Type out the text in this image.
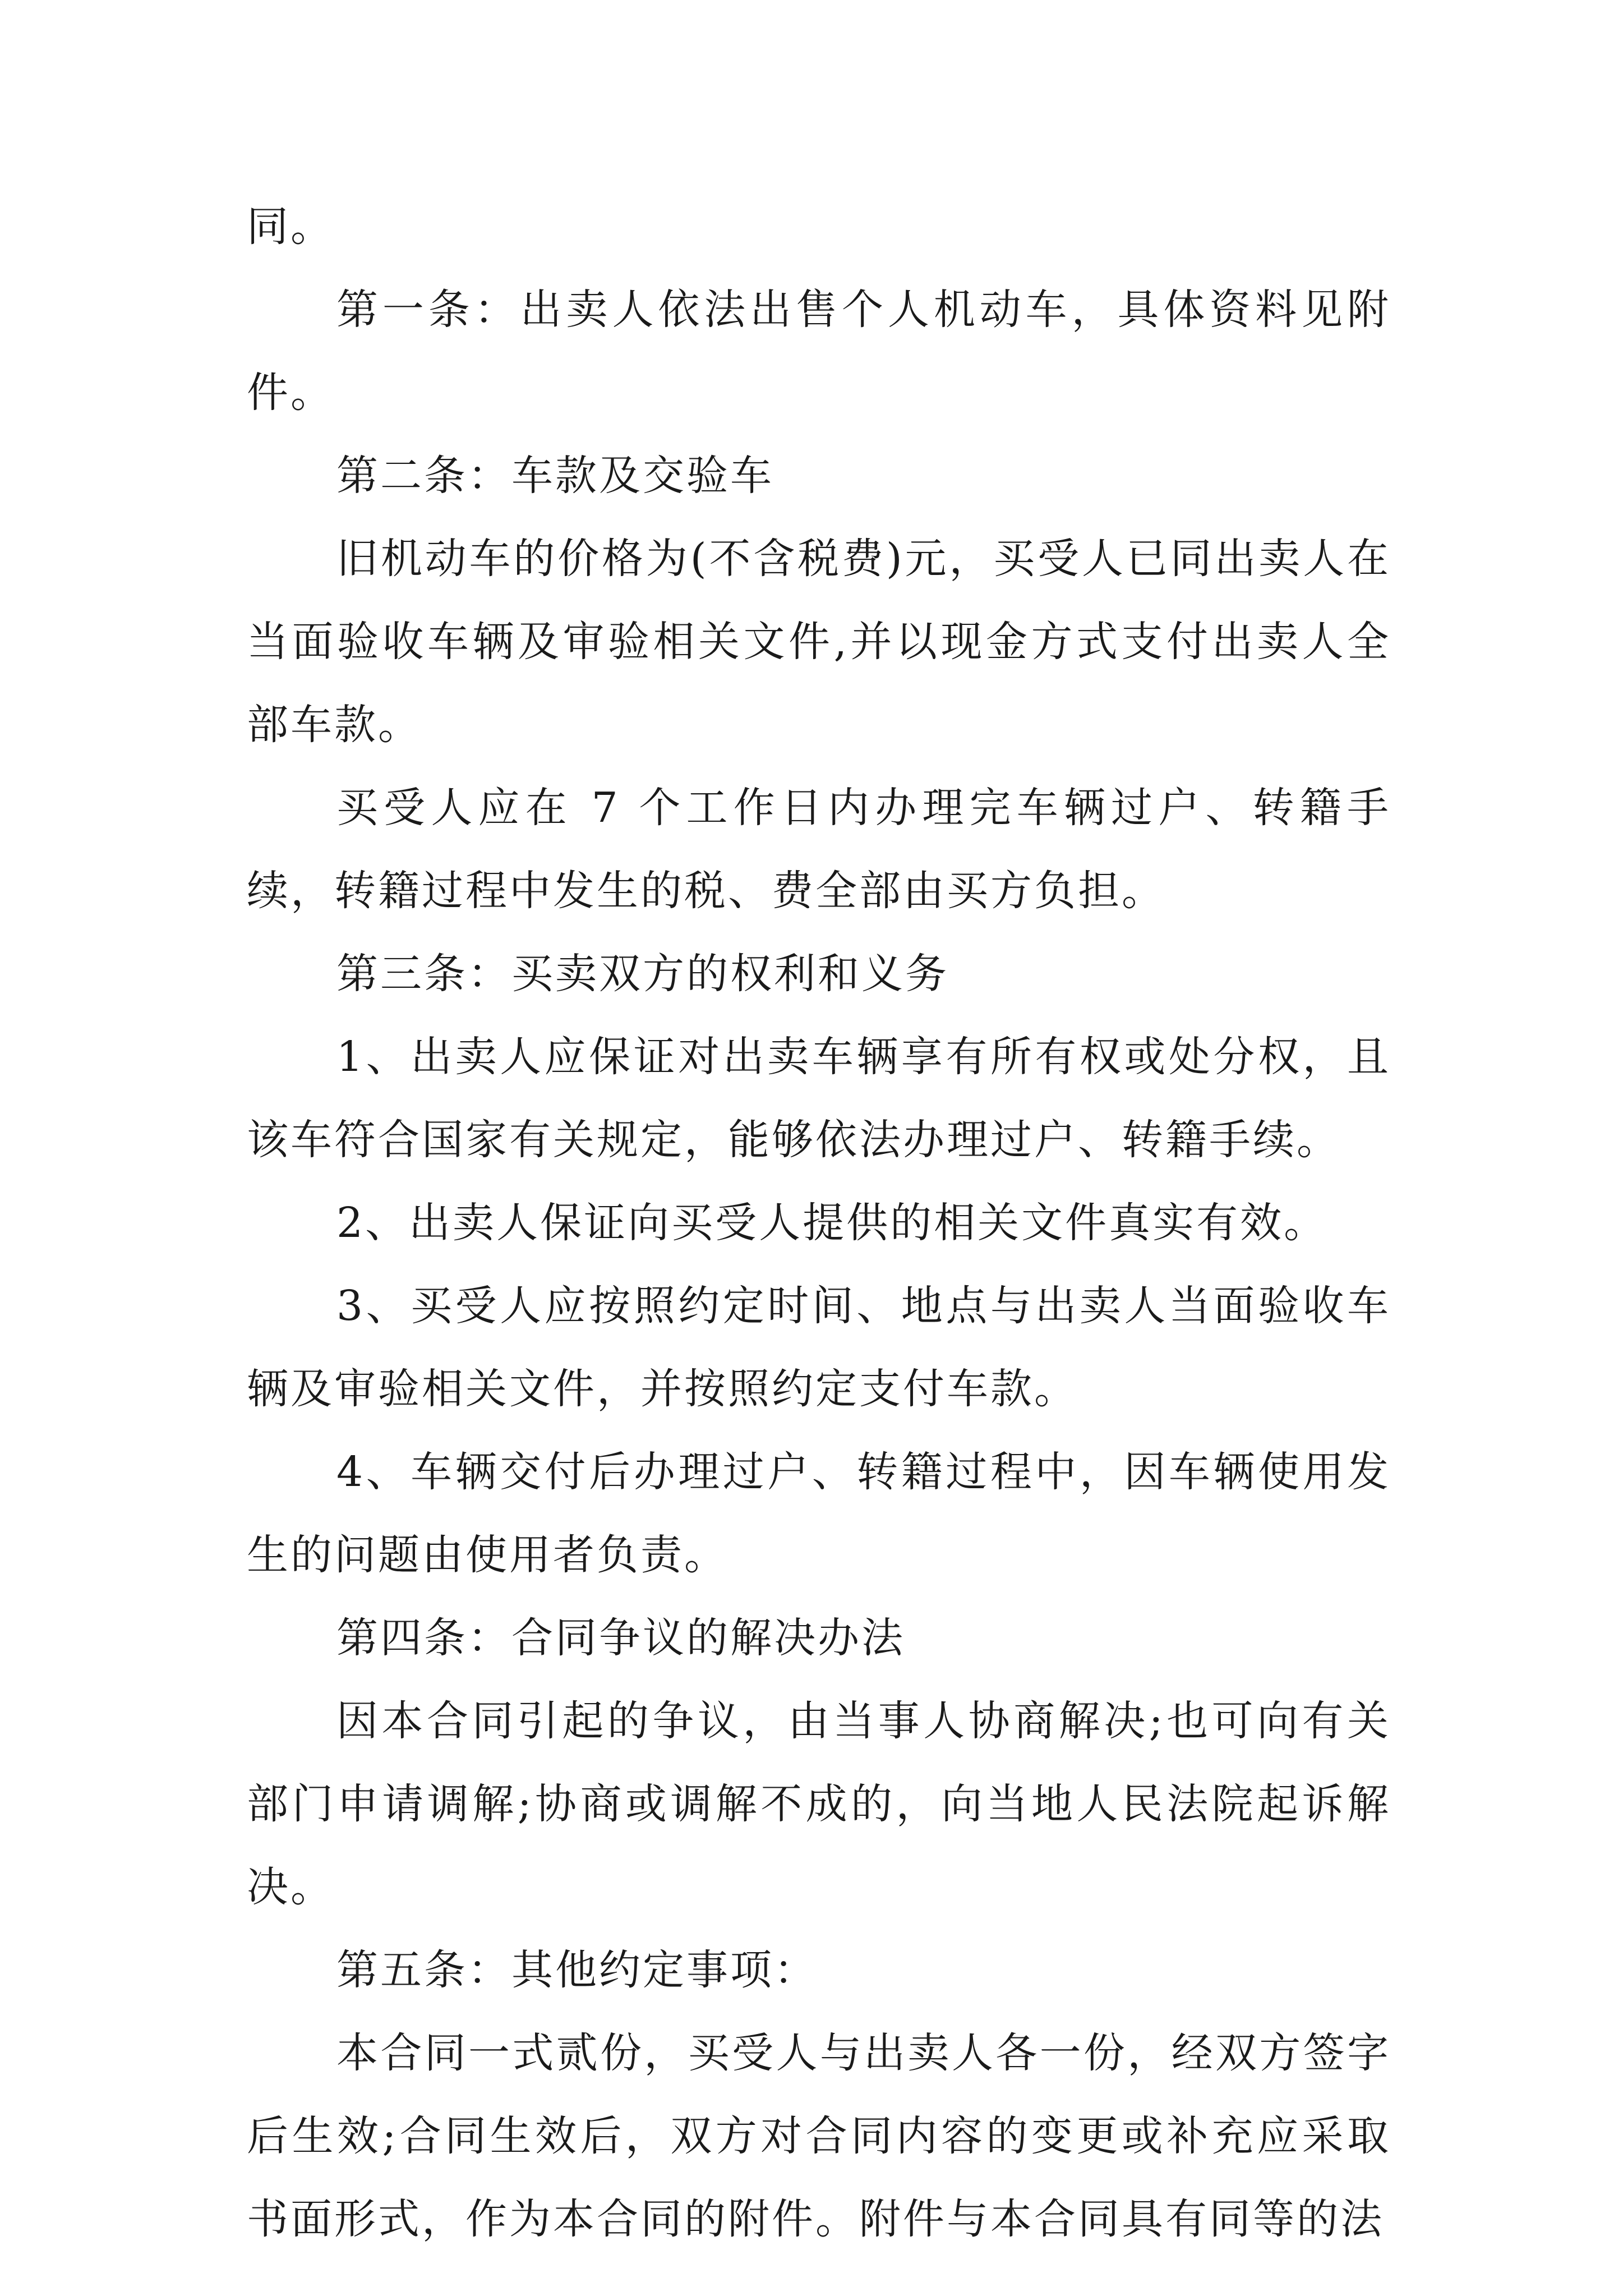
同。

第一条：出卖人依法出售个人机动车，具体资料见附件。

第二条：车款及交验车

旧机动车的价格为(不含税费)元，买受人已同出卖人在当面验收车辆及审验相关文件,并以现金方式支付出卖人全部车款。

买受人应在 7 个工作日内办理完车辆过户、转籍手续，转籍过程中发生的税、费全部由买方负担。

第三条：买卖双方的权利和义务

1、出卖人应保证对出卖车辆享有所有权或处分权，且该车符合国家有关规定，能够依法办理过户、转籍手续。

2、出卖人保证向买受人提供的相关文件真实有效。

3、买受人应按照约定时间、地点与出卖人当面验收车辆及审验相关文件，并按照约定支付车款。

4、车辆交付后办理过户、转籍过程中，因车辆使用发生的问题由使用者负责。

第四条：合同争议的解决办法

因本合同引起的争议，由当事人协商解决;也可向有关部门申请调解;协商或调解不成的，向当地人民法院起诉解决。

第五条：其他约定事项：

本合同一式贰份，买受人与出卖人各一份，经双方签字后生效;合同生效后，双方对合同内容的变更或补充应采取书面形式，作为本合同的附件。附件与本合同具有同等的法
